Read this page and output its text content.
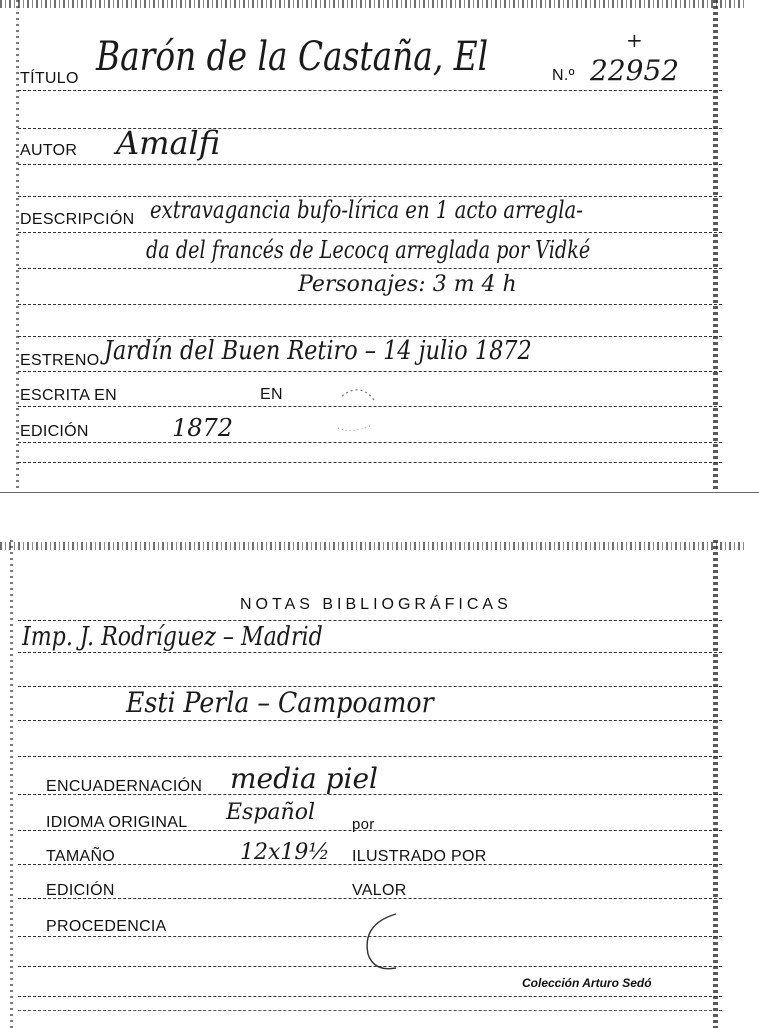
TÍTULO Barón de la Castaña, El	N.º 22952
+
AUTOR Amalfi
DESCRIPCIÓN extravagancia bufo-lírica en 1 acto arregla-
da del francés de Lecocq arreglada por Vidké
Personajes: 3 m 4 h
ESTRENO Jardín del Buen Retiro – 14 julio 1872
ESCRITA EN	EN
EDICIÓN	1872
NOTAS BIBLIOGRÁFICAS
Imp. J. Rodríguez – Madrid
Esti Perla – Campoamor
ENCUADERNACIÓN media piel
IDIOMA ORIGINAL Español por
TAMAÑO	12x19½ ILUSTRADO POR
EDICIÓN	VALOR
PROCEDENCIA
Colección Arturo Sedó
